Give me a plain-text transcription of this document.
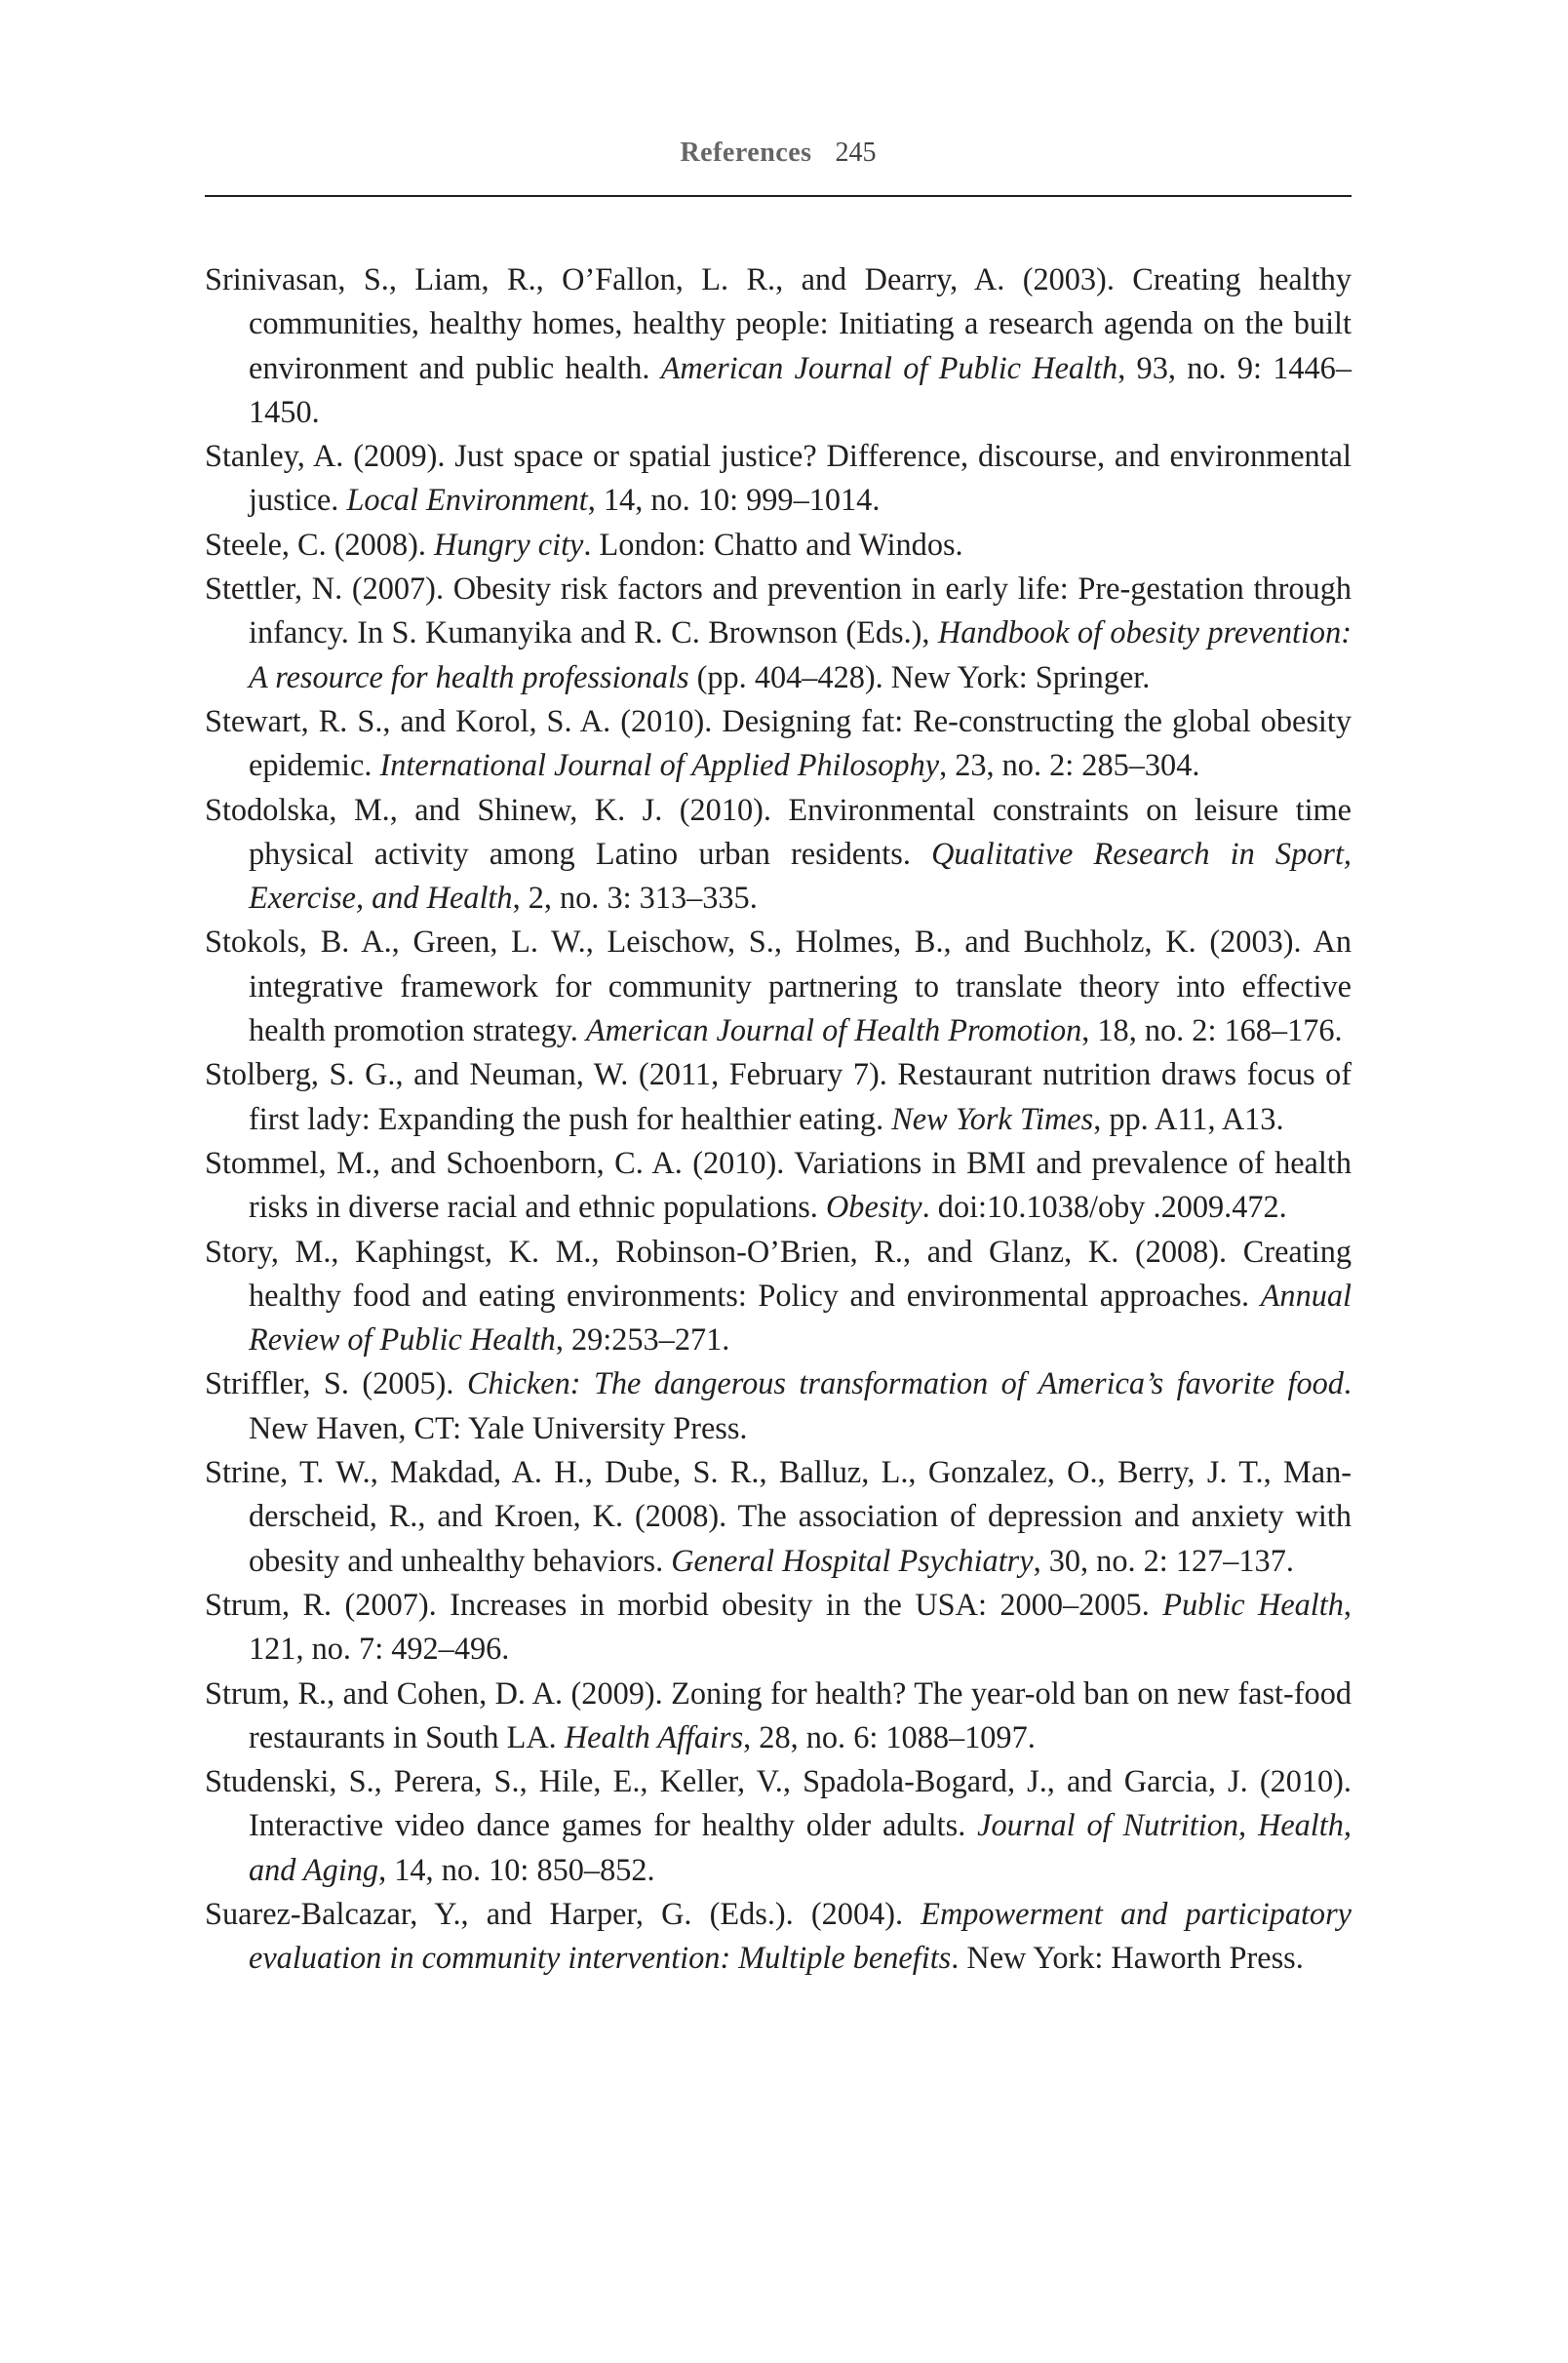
References 245
Srinivasan, S., Liam, R., O’Fallon, L. R., and Dearry, A. (2003). Creating healthy communities, healthy homes, healthy people: Initiating a research agenda on the built environment and public health. American Journal of Public Health, 93, no. 9: 1446–1450.
Stanley, A. (2009). Just space or spatial justice? Difference, discourse, and environmental justice. Local Environment, 14, no. 10: 999–1014.
Steele, C. (2008). Hungry city. London: Chatto and Windos.
Stettler, N. (2007). Obesity risk factors and prevention in early life: Pre-gestation through infancy. In S. Kumanyika and R. C. Brownson (Eds.), Handbook of obesity prevention: A resource for health professionals (pp. 404–428). New York: Springer.
Stewart, R. S., and Korol, S. A. (2010). Designing fat: Re-constructing the global obesity epidemic. International Journal of Applied Philosophy, 23, no. 2: 285–304.
Stodolska, M., and Shinew, K. J. (2010). Environmental constraints on leisure time physical activity among Latino urban residents. Qualitative Research in Sport, Exercise, and Health, 2, no. 3: 313–335.
Stokols, B. A., Green, L. W., Leischow, S., Holmes, B., and Buchholz, K. (2003). An integrative framework for community partnering to translate theory into effective health promotion strategy. American Journal of Health Promotion, 18, no. 2: 168–176.
Stolberg, S. G., and Neuman, W. (2011, February 7). Restaurant nutrition draws focus of first lady: Expanding the push for healthier eating. New York Times, pp. A11, A13.
Stommel, M., and Schoenborn, C. A. (2010). Variations in BMI and prevalence of health risks in diverse racial and ethnic populations. Obesity. doi:10.1038/oby .2009.472.
Story, M., Kaphingst, K. M., Robinson-O’Brien, R., and Glanz, K. (2008). Creating healthy food and eating environments: Policy and environmental approaches. Annual Review of Public Health, 29:253–271.
Striffler, S. (2005). Chicken: The dangerous transformation of America’s favorite food. New Haven, CT: Yale University Press.
Strine, T. W., Makdad, A. H., Dube, S. R., Balluz, L., Gonzalez, O., Berry, J. T., Manderscheid, R., and Kroen, K. (2008). The association of depression and anxiety with obesity and unhealthy behaviors. General Hospital Psychiatry, 30, no. 2: 127–137.
Strum, R. (2007). Increases in morbid obesity in the USA: 2000–2005. Public Health, 121, no. 7: 492–496.
Strum, R., and Cohen, D. A. (2009). Zoning for health? The year-old ban on new fast-food restaurants in South LA. Health Affairs, 28, no. 6: 1088–1097.
Studenski, S., Perera, S., Hile, E., Keller, V., Spadola-Bogard, J., and Garcia, J. (2010). Interactive video dance games for healthy older adults. Journal of Nutrition, Health, and Aging, 14, no. 10: 850–852.
Suarez-Balcazar, Y., and Harper, G. (Eds.). (2004). Empowerment and participatory evaluation in community intervention: Multiple benefits. New York: Haworth Press.
